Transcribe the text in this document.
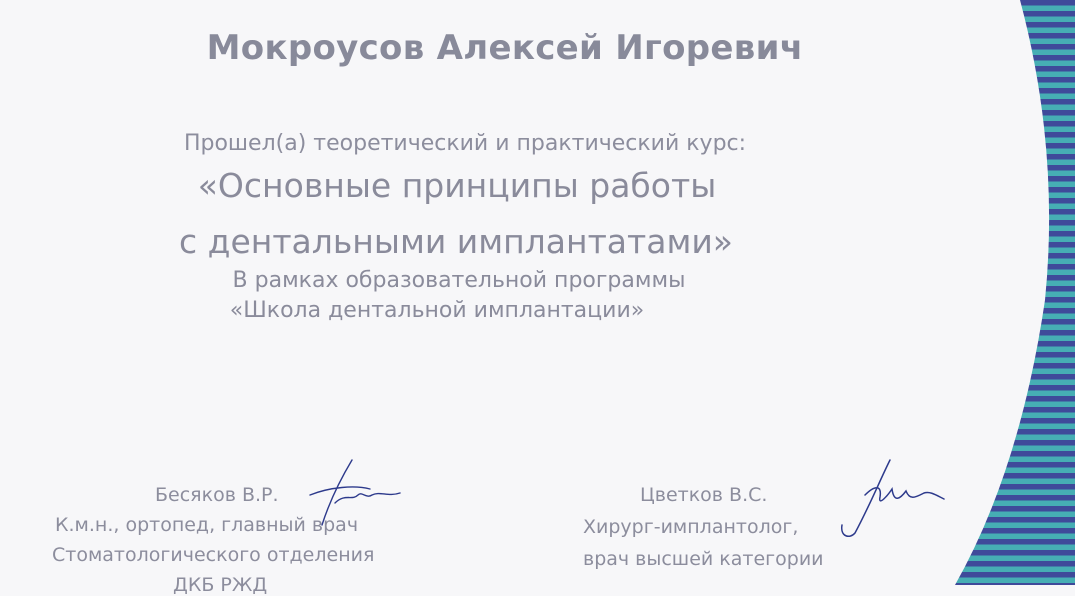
Мокроусов Алексей Игоревич
Прошел(а) теоретический и практический курс:
«Основные принципы работы
с дентальными имплантатами»
В рамках образовательной программы
«Школа дентальной имплантации»
Бесяков В.Р.
К.м.н., ортопед, главный врач
Стоматологического отделения
ДКБ РЖД
Цветков В.С.
Хирург-имплантолог,
врач высшей категории
